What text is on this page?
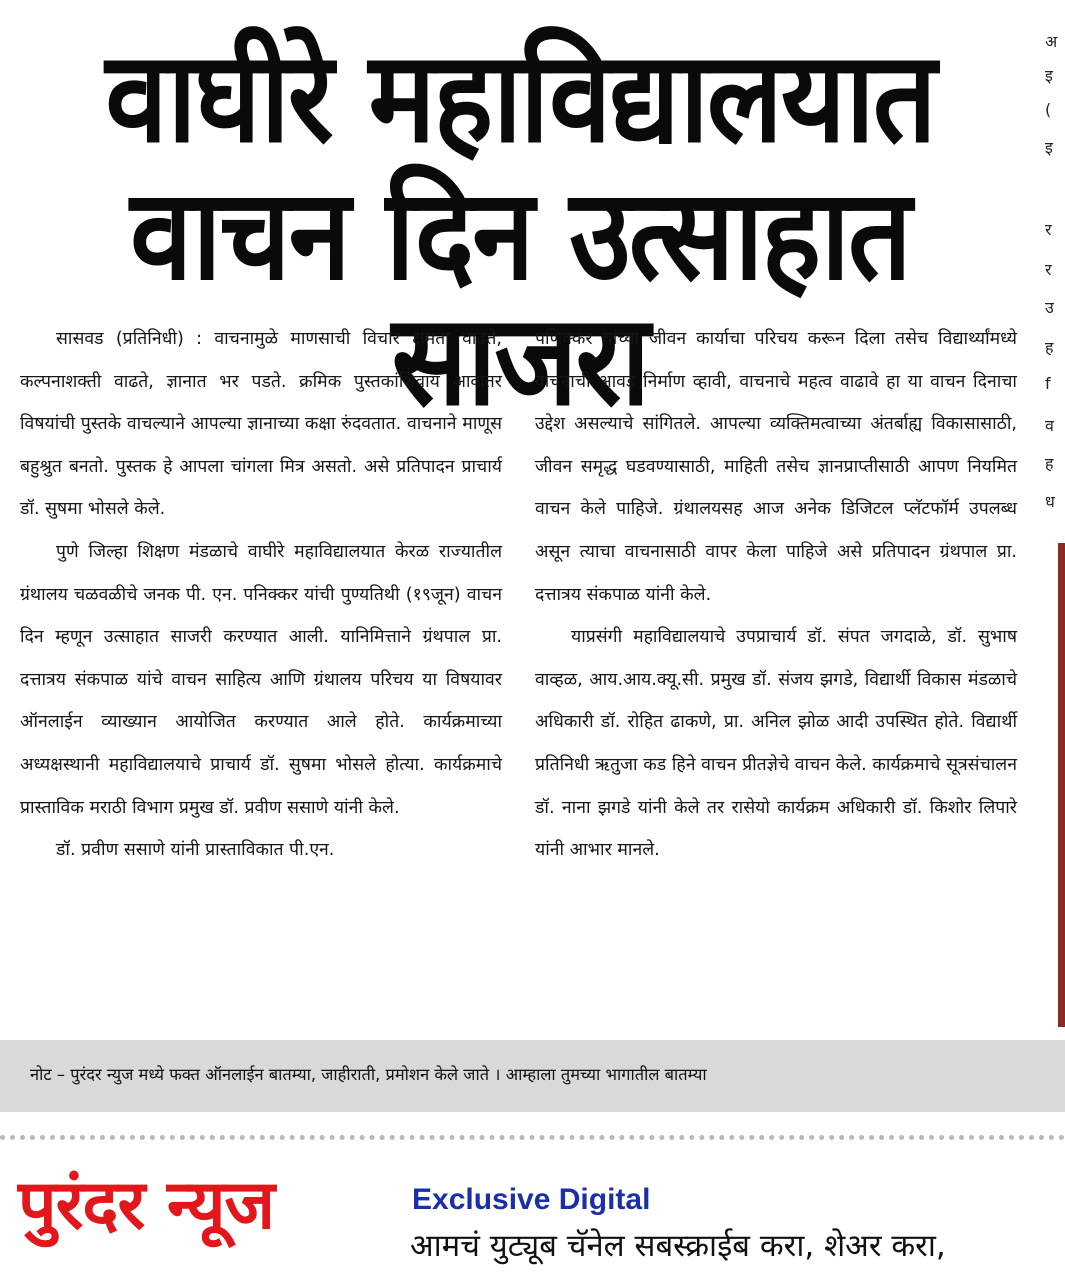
वाघीरे महाविद्यालयात
वाचन दिन उत्साहात साजरा

सासवड (प्रतिनिधी) : वाचनामुळे माणसाची विचार क्षमता वाढते, कल्पनाशक्ती वाढते, ज्ञानात भर पडते. क्रमिक पुस्तकांशिवाय आवांतर विषयांची पुस्तके वाचल्याने आपल्या ज्ञानाच्या कक्षा रुंदवतात. वाचनाने माणूस बहुश्रुत बनतो. पुस्तक हे आपला चांगला मित्र असतो. असे प्रतिपादन प्राचार्य डॉ. सुषमा भोसले केले.

पुणे जिल्हा शिक्षण मंडळाचे वाघीरे महाविद्यालयात केरळ राज्यातील ग्रंथालय चळवळीचे जनक पी. एन. पनिक्कर यांची पुण्यतिथी (१९जून) वाचन दिन म्हणून उत्साहात साजरी करण्यात आली. यानिमित्ताने ग्रंथपाल प्रा. दत्तात्रय संकपाळ यांचे वाचन साहित्य आणि ग्रंथालय परिचय या विषयावर ऑनलाईन व्याख्यान आयोजित करण्यात आले होते. कार्यक्रमाच्या अध्यक्षस्थानी महाविद्यालयाचे प्राचार्य डॉ. सुषमा भोसले होत्या. कार्यक्रमाचे प्रास्ताविक मराठी विभाग प्रमुख डॉ. प्रवीण ससाणे यांनी केले.

डॉ. प्रवीण ससाणे यांनी प्रास्ताविकात पी.एन.

पणिक्कर यांच्या जीवन कार्याचा परिचय करून दिला तसेच विद्यार्थ्यांमध्ये वाचनाची आवड निर्माण व्हावी, वाचनाचे महत्व वाढावे हा या वाचन दिनाचा उद्देश असल्याचे सांगितले. आपल्या व्यक्तिमत्वाच्या अंतर्बाह्य विकासासाठी, जीवन समृद्ध घडवण्यासाठी, माहिती तसेच ज्ञानप्राप्तीसाठी आपण नियमित वाचन केले पाहिजे. ग्रंथालयसह आज अनेक डिजिटल प्लॅटफॉर्म उपलब्ध असून त्याचा वाचनासाठी वापर केला पाहिजे असे प्रतिपादन ग्रंथपाल प्रा. दत्तात्रय संकपाळ यांनी केले.

याप्रसंगी महाविद्यालयाचे उपप्राचार्य डॉ. संपत जगदाळे, डॉ. सुभाष वाव्हळ, आय.आय.क्यू.सी. प्रमुख डॉ. संजय झगडे, विद्यार्थी विकास मंडळाचे अधिकारी डॉ. रोहित ढाकणे, प्रा. अनिल झोळ आदी उपस्थित होते. विद्यार्थी प्रतिनिधी ऋतुजा कड हिने वाचन प्रीतज्ञेचे वाचन केले. कार्यक्रमाचे सूत्रसंचालन डॉ. नाना झगडे यांनी केले तर रासेयो कार्यक्रम अधिकारी डॉ. किशोर लिपारे यांनी आभार मानले.

अ
इ
(
इ
र
र
उ
ह
f
व
ह
ध
नोट – पुरंदर न्युज मध्ये फक्त ऑनलाईन बातम्या, जाहीराती, प्रमोशन केले जाते । आम्हाला तुमच्या भागातील बातम्या
पुरंदर न्यूज	Exclusive Digital
आमचं युट्यूब चॅनेल सबस्क्राईब करा, शेअर करा,
